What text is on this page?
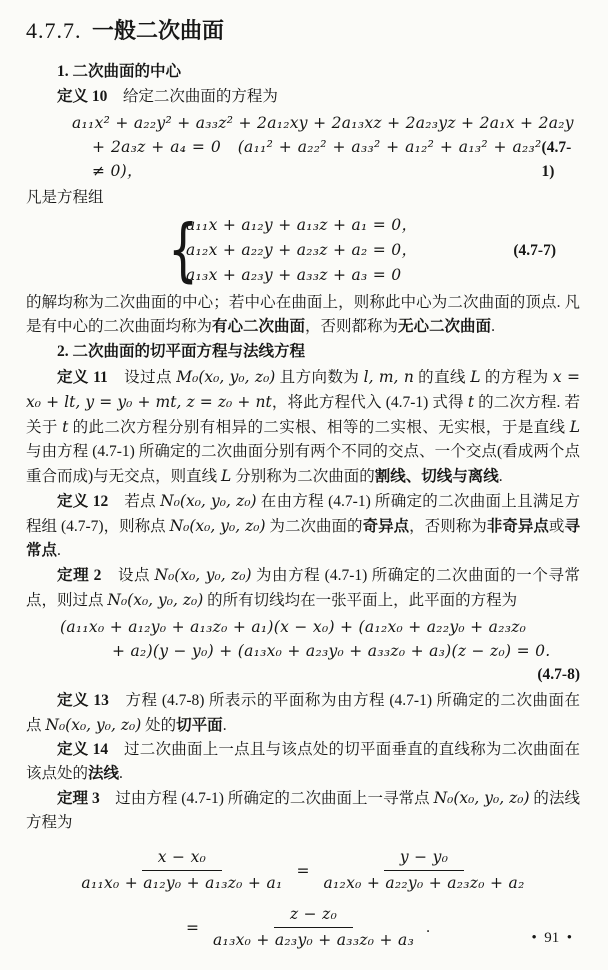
4.7.7. 一般二次曲面

1. 二次曲面的中心

定义 10　给定二次曲面的方程为

a₁₁x² + a₂₂y² + a₃₃z² + 2a₁₂xy + 2a₁₃xz + 2a₂₃yz + 2a₁x + 2a₂y
+ 2a₃z + a₄ = 0　(a₁₁² + a₂₂² + a₃₃² + a₁₂² + a₁₃² + a₂₃² ≠ 0)，
(4.7-1)

凡是方程组

{
a₁₁x + a₁₂y + a₁₃z + a₁ = 0，
a₁₂x + a₂₂y + a₂₃z + a₂ = 0，
a₁₃x + a₂₃y + a₃₃z + a₃ = 0
(4.7-7)

的解均称为二次曲面的中心；若中心在曲面上，则称此中心为二次曲面的顶点. 凡是有中心的二次曲面均称为有心二次曲面，否则都称为无心二次曲面.

2. 二次曲面的切平面方程与法线方程

定义 11　设过点 M₀(x₀, y₀, z₀) 且方向数为 l, m, n 的直线 L 的方程为 x = x₀ + lt, y = y₀ + mt, z = z₀ + nt，将此方程代入 (4.7-1) 式得 t 的二次方程. 若关于 t 的此二次方程分别有相异的二实根、相等的二实根、无实根，于是直线 L 与由方程 (4.7-1) 所确定的二次曲面分别有两个不同的交点、一个交点(看成两个点重合而成)与无交点，则直线 L 分别称为二次曲面的割线、切线与离线.

定义 12　若点 N₀(x₀, y₀, z₀) 在由方程 (4.7-1) 所确定的二次曲面上且满足方程组 (4.7-7)，则称点 N₀(x₀, y₀, z₀) 为二次曲面的奇异点，否则称为非奇异点或寻常点.

定理 2　设点 N₀(x₀, y₀, z₀) 为由方程 (4.7-1) 所确定的二次曲面的一个寻常点，则过点 N₀(x₀, y₀, z₀) 的所有切线均在一张平面上，此平面的方程为

(a₁₁x₀ + a₁₂y₀ + a₁₃z₀ + a₁)(x − x₀) + (a₁₂x₀ + a₂₂y₀ + a₂₃z₀
+ a₂)(y − y₀) + (a₁₃x₀ + a₂₃y₀ + a₃₃z₀ + a₃)(z − z₀) = 0.
(4.7-8)

定义 13　方程 (4.7-8) 所表示的平面称为由方程 (4.7-1) 所确定的二次曲面在点 N₀(x₀, y₀, z₀) 处的切平面.

定义 14　过二次曲面上一点且与该点处的切平面垂直的直线称为二次曲面在该点处的法线.

定理 3　过由方程 (4.7-1) 所确定的二次曲面上一寻常点 N₀(x₀, y₀, z₀) 的法线方程为

$\frac{\text{x − x₀}}{\text{a₁₁x₀ + a₁₂y₀ + a₁₃z₀ + a₁}} = \frac{\text{y − y₀}}{\text{a₁₂x₀ + a₂₂y₀ + a₂₃z₀ + a₂}}$
= $\frac{\text{z − z₀}}{\text{a₁₃x₀ + a₂₃y₀ + a₃₃z₀ + a₃}}$ .
• 91 •
